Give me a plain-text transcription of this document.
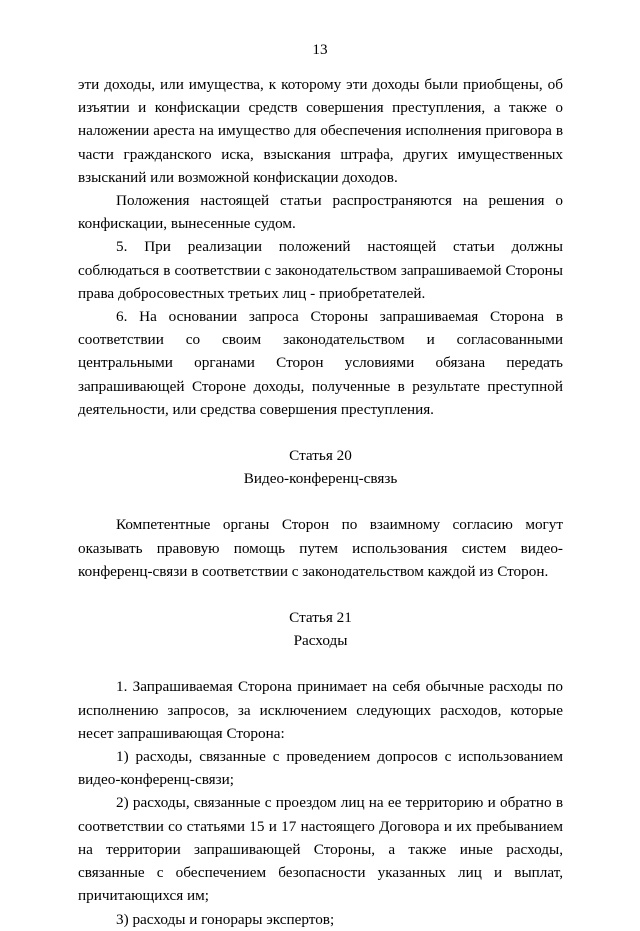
13

эти доходы, или имущества, к которому эти доходы были приобщены, об изъятии и конфискации средств совершения преступления, а также о наложении ареста на имущество для обеспечения исполнения приговора в части гражданского иска, взыскания штрафа, других имущественных взысканий или возможной конфискации доходов.

Положения настоящей статьи распространяются на решения о конфискации, вынесенные судом.

5. При реализации положений настоящей статьи должны соблюдаться в соответствии с законодательством запрашиваемой Стороны права добросовестных третьих лиц - приобретателей.

6. На основании запроса Стороны запрашиваемая Сторона в соответствии со своим законодательством и согласованными центральными органами Сторон условиями обязана передать запрашивающей Стороне доходы, полученные в результате преступной деятельности, или средства совершения преступления.

Статья 20

Видео-конференц-связь

Компетентные органы Сторон по взаимному согласию могут оказывать правовую помощь путем использования систем видео-конференц-связи в соответствии с законодательством каждой из Сторон.

Статья 21

Расходы

1. Запрашиваемая Сторона принимает на себя обычные расходы по исполнению запросов, за исключением следующих расходов, которые несет запрашивающая Сторона:

1) расходы, связанные с проведением допросов с использованием видео-конференц-связи;

2) расходы, связанные с проездом лиц на ее территорию и обратно в соответствии со статьями 15 и 17 настоящего Договора и их пребыванием на территории запрашивающей Стороны, а также иные расходы, связанные с обеспечением безопасности указанных лиц и выплат, причитающихся им;

3) расходы и гонорары экспертов;
